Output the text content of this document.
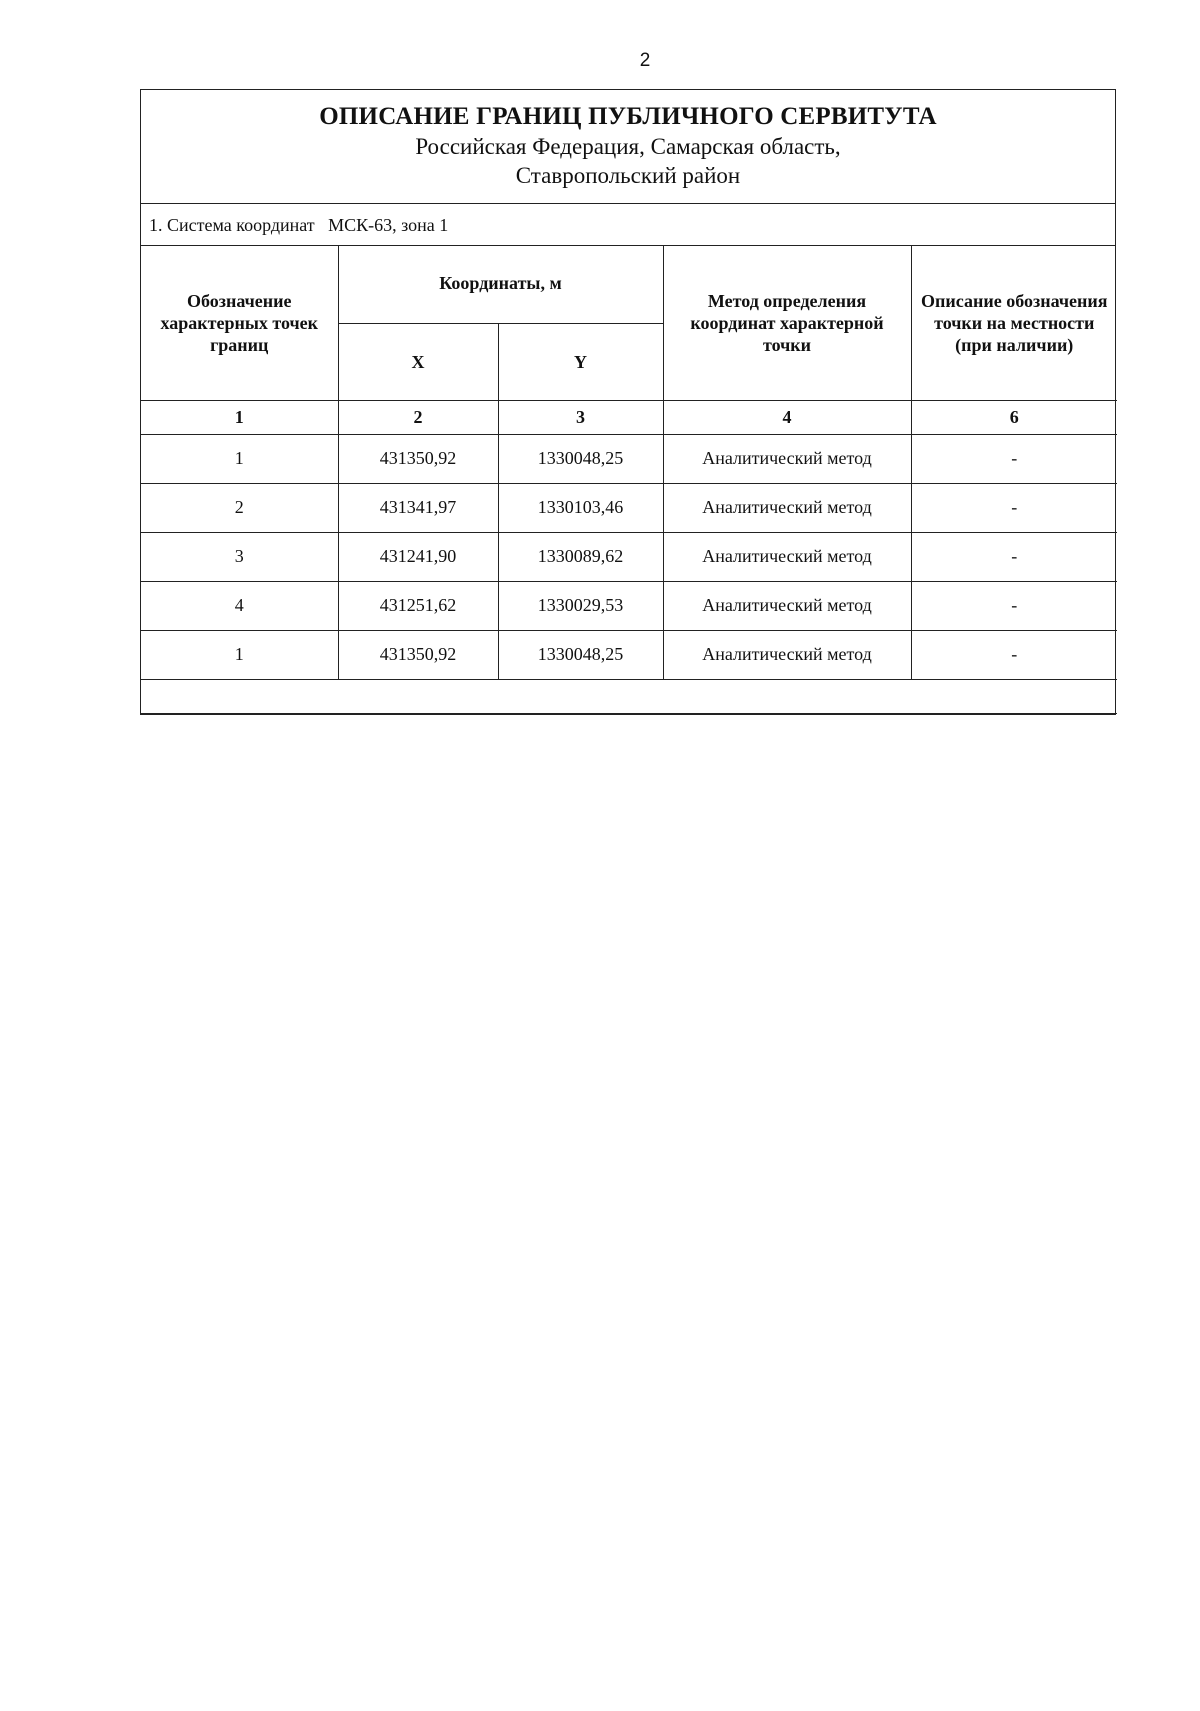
2
ОПИСАНИЕ ГРАНИЦ ПУБЛИЧНОГО СЕРВИТУТА
Российская Федерация, Самарская область,
Ставропольский район
1. Система координат   МСК-63, зона 1
Обозначение характерных точек границ	Координаты, м		Метод определения координат характерной точки	Описание обозначения точки на местности (при наличии)
	X	Y		
1	2	3	4	6
1	431350,92	1330048,25	Аналитический метод	-
2	431341,97	1330103,46	Аналитический метод	-
3	431241,90	1330089,62	Аналитический метод	-
4	431251,62	1330029,53	Аналитический метод	-
1	431350,92	1330048,25	Аналитический метод	-
